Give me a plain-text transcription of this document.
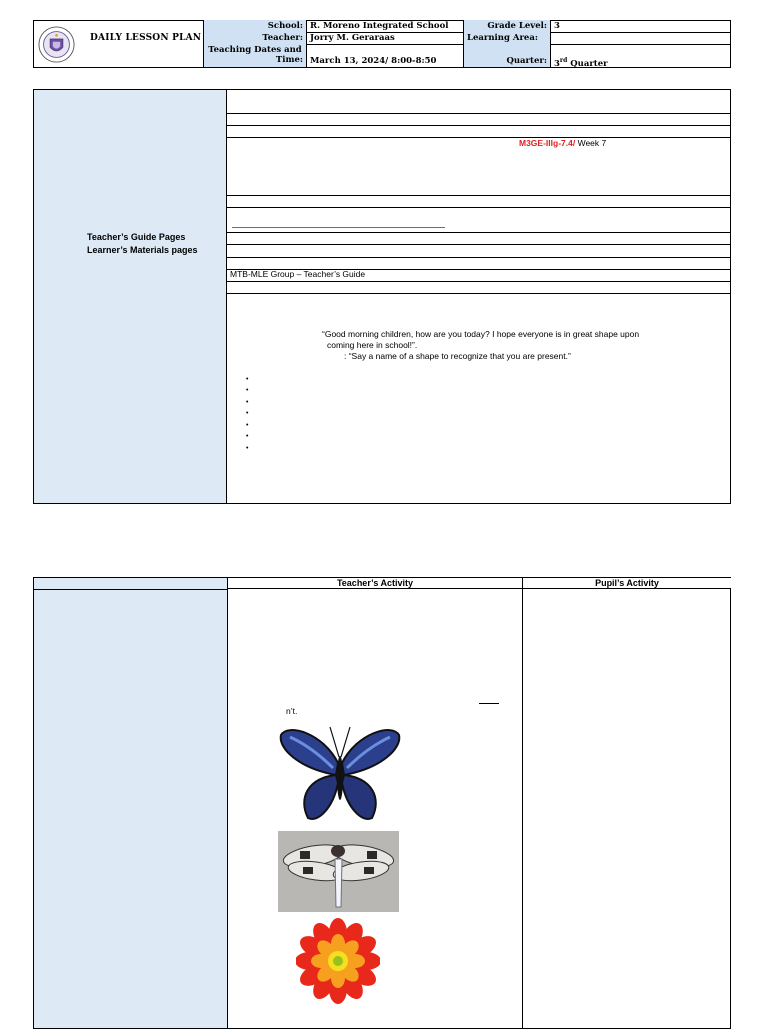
DAILY LESSON PLAN
School: R. Moreno Integrated School	Grade Level: 3
Teacher: Jorry M. Geraraas	Learning Area:
Teaching Dates and
Time: March 13, 2024/ 8:00-8:50	Quarter: 3rd Quarter
M3GE-IIIg-7.4/ Week 7
Teacher’s Guide Pages
Learner’s Materials pages
MTB-MLE Group – Teacher’s Guide
“Good morning children, how are you today? I hope everyone is in great shape upon
coming here in school!”.
: “Say a name of a shape to recognize that you are present.”
•
•
•
•
•
•
•
Teacher’s Activity	Pupil’s Activity
n’t.
